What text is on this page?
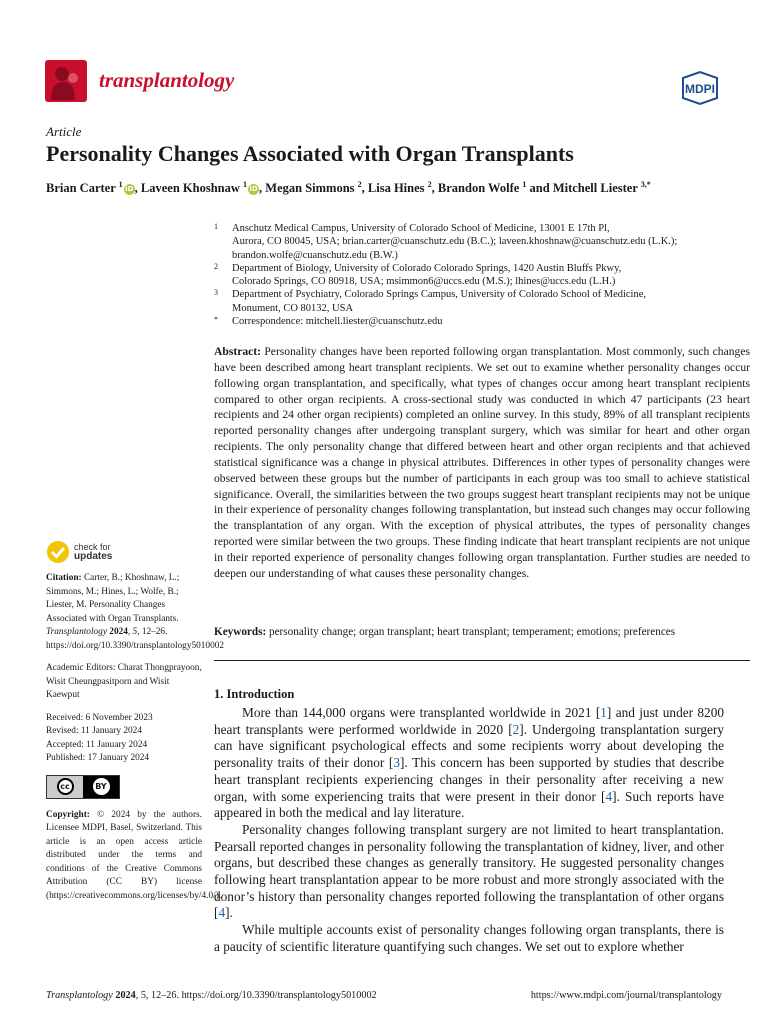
transplantology	MDPI
Article
Personality Changes Associated with Organ Transplants
Brian Carter $^1$iD, Laveen Khoshnaw $^1$iD, Megan Simmons $^2$, Lisa Hines $^2$, Brandon Wolfe $^1$ and Mitchell Liester $^{3,*}$
1 Anschutz Medical Campus, University of Colorado School of Medicine, 13001 E 17th Pl,
Aurora, CO 80045, USA; brian.carter@cuanschutz.edu (B.C.); laveen.khoshnaw@cuanschutz.edu (L.K.);
brandon.wolfe@cuanschutz.edu (B.W.)
2 Department of Biology, University of Colorado Colorado Springs, 1420 Austin Bluffs Pkwy,
Colorado Springs, CO 80918, USA; msimmon6@uccs.edu (M.S.); lhines@uccs.edu (L.H.)
3 Department of Psychiatry, Colorado Springs Campus, University of Colorado School of Medicine,
Monument, CO 80132, USA
* Correspondence: mitchell.liester@cuanschutz.edu
Abstract: Personality changes have been reported following organ transplantation. Most commonly, such changes have been described among heart transplant recipients. We set out to examine whether personality changes occur following organ transplantation, and specifically, what types of changes occur among heart transplant recipients compared to other organ recipients. A cross-sectional study was conducted in which 47 participants (23 heart recipients and 24 other organ recipients) completed an online survey. In this study, 89% of all transplant recipients reported personality changes after undergoing transplant surgery, which was similar for heart and other organ recipients. The only personality change that differed between heart and other organ recipients and that achieved statistical significance was a change in physical attributes. Differences in other types of personality changes were observed between these groups but the number of participants in each group was too small to achieve statistical significance. Overall, the similarities between the two groups suggest heart transplant recipients may not be unique in their experience of personality changes following transplantation, but instead such changes may occur following the transplantation of any organ. With the exception of physical attributes, the types of personality changes reported were similar between the two groups. These finding indicate that heart transplant recipients are not unique in their reported experience of personality changes following organ transplantation. Further studies are needed to deepen our understanding of what causes these personality changes.
Keywords: personality change; organ transplant; heart transplant; temperament; emotions; preferences
1. Introduction

More than 144,000 organs were transplanted worldwide in 2021 [1] and just under 8200 heart transplants were performed worldwide in 2020 [2]. Undergoing transplantation surgery can have significant psychological effects and some recipients worry about developing the personality traits of their donor [3]. This concern has been supported by studies that describe heart transplant recipients experiencing changes in their personality after receiving a new organ, with some experiencing traits that were present in their donor [4]. Such reports have appeared in both the medical and lay literature.

Personality changes following transplant surgery are not limited to heart transplantation. Pearsall reported changes in personality following the transplantation of kidney, liver, and other organs, but described these changes as generally transitory. He suggested personality changes following heart transplantation appear to be more robust and more strongly associated with the donor’s history than personality changes reported following the transplantation of other organs [4].

While multiple accounts exist of personality changes following organ transplants, there is a paucity of scientific literature quantifying such changes. We set out to explore whether

check for
updates
Citation: Carter, B.; Khoshnaw, L.; Simmons, M.; Hines, L.; Wolfe, B.; Liester, M. Personality Changes Associated with Organ Transplants. Transplantology 2024, 5, 12–26. https://doi.org/10.3390/transplantology5010002
Academic Editors: Charat Thongprayoon, Wisit Cheungpasitporn and Wisit Kaewput
Received: 6 November 2023
Revised: 11 January 2024
Accepted: 11 January 2024
Published: 17 January 2024
cc	BY
Copyright: © 2024 by the authors. Licensee MDPI, Basel, Switzerland. This article is an open access article distributed under the terms and conditions of the Creative Commons Attribution (CC BY) license (https://creativecommons.org/licenses/by/4.0/).
Transplantology 2024, 5, 12–26. https://doi.org/10.3390/transplantology5010002	https://www.mdpi.com/journal/transplantology
